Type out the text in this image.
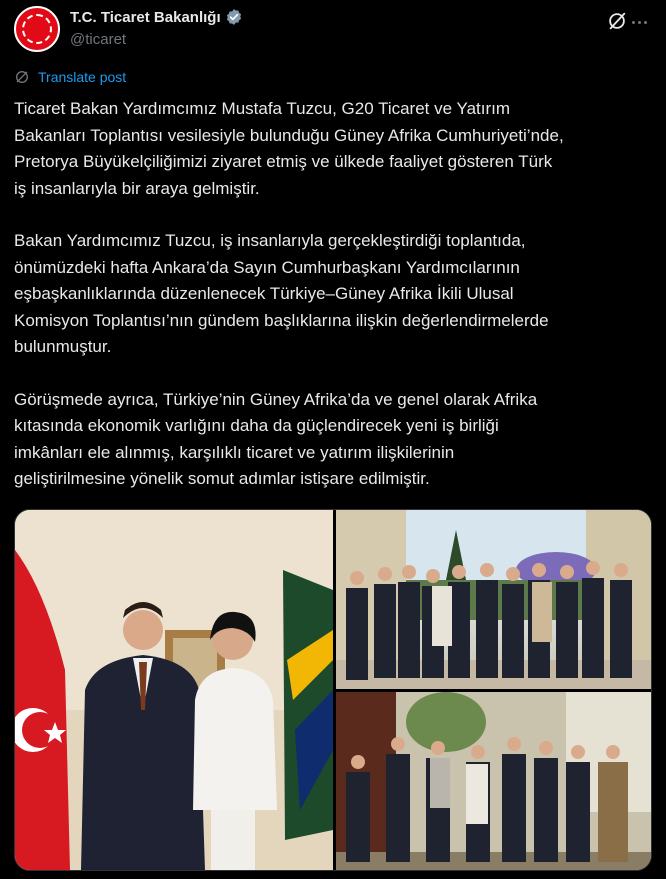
T.C. Ticaret Bakanlığı
@ticaret
Translate post

Ticaret Bakan Yardımcımız Mustafa Tuzcu, G20 Ticaret ve Yatırım
Bakanları Toplantısı vesilesiyle bulunduğu Güney Afrika Cumhuriyeti’nde,
Pretorya Büyükelçiliğimizi ziyaret etmiş ve ülkede faaliyet gösteren Türk
iş insanlarıyla bir araya gelmiştir.

Bakan Yardımcımız Tuzcu, iş insanlarıyla gerçekleştirdiği toplantıda,
önümüzdeki hafta Ankara’da Sayın Cumhurbaşkanı Yardımcılarının
eşbaşkanlıklarında düzenlenecek Türkiye–Güney Afrika İkili Ulusal
Komisyon Toplantısı’nın gündem başlıklarına ilişkin değerlendirmelerde
bulunmuştur.

Görüşmede ayrıca, Türkiye’nin Güney Afrika’da ve genel olarak Afrika
kıtasında ekonomik varlığını daha da güçlendirecek yeni iş birliği
imkânları ele alınmış, karşılıklı ticaret ve yatırım ilişkilerinin
geliştirilmesine yönelik somut adımlar istişare edilmiştir.
